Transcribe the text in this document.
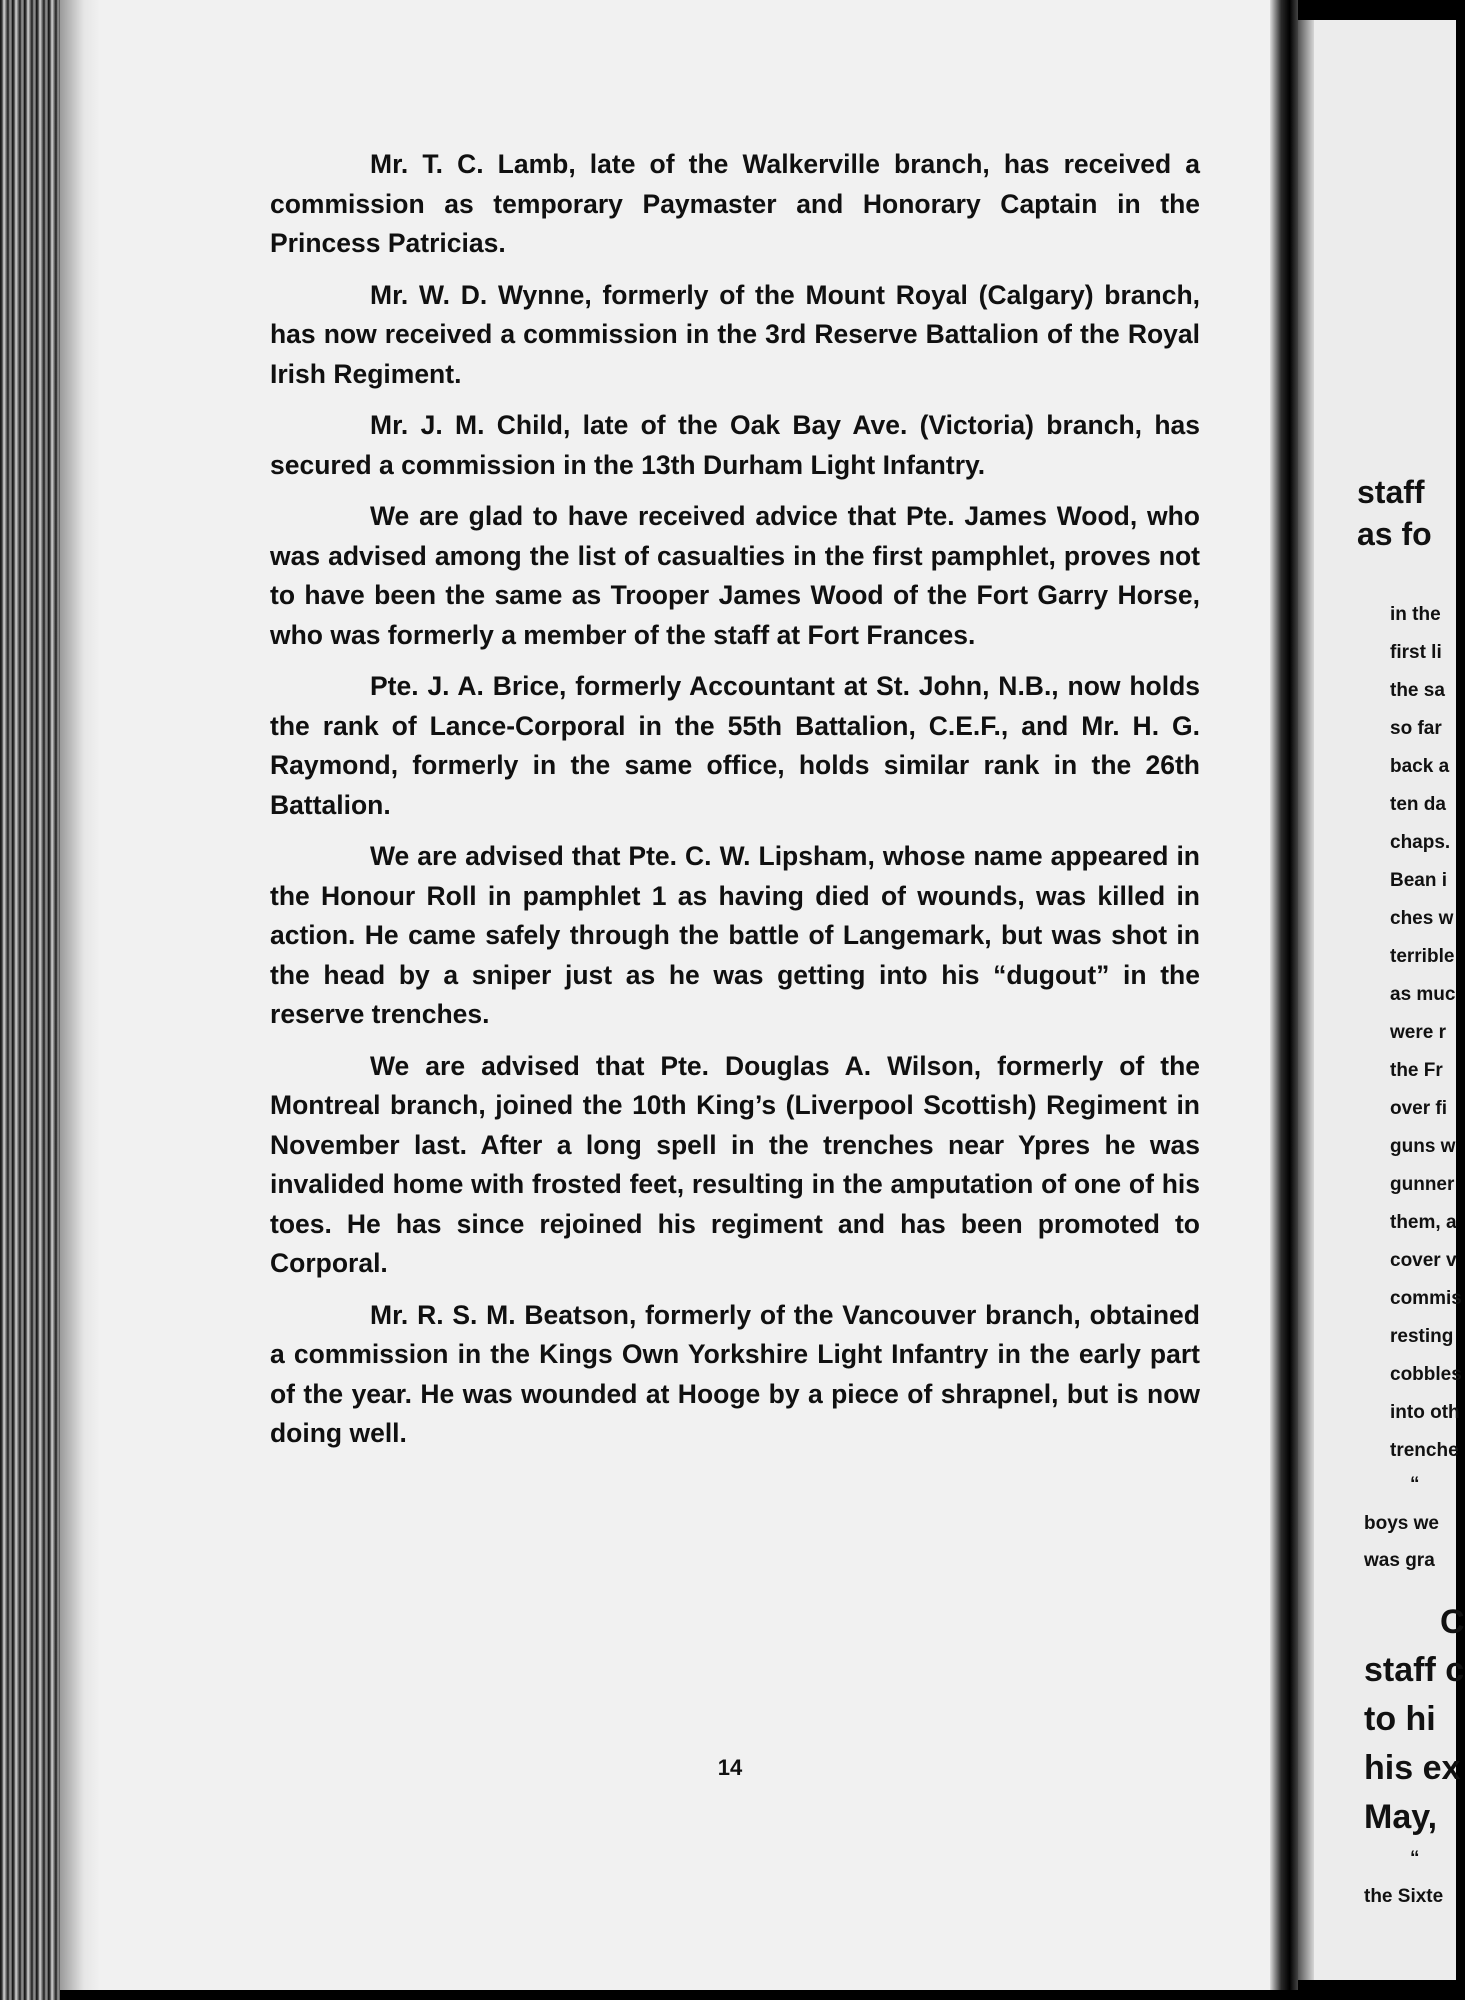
Mr. T. C. Lamb, late of the Walkerville branch, has received a commission as temporary Paymaster and Honorary Captain in the Princess Patricias.

Mr. W. D. Wynne, formerly of the Mount Royal (Calgary) branch, has now received a commission in the 3rd Reserve Battalion of the Royal Irish Regiment.

Mr. J. M. Child, late of the Oak Bay Ave. (Victoria) branch, has secured a commission in the 13th Durham Light Infantry.

We are glad to have received advice that Pte. James Wood, who was advised among the list of casualties in the first pamphlet, proves not to have been the same as Trooper James Wood of the Fort Garry Horse, who was formerly a member of the staff at Fort Frances.

Pte. J. A. Brice, formerly Accountant at St. John, N.B., now holds the rank of Lance-Corporal in the 55th Battalion, C.E.F., and Mr. H. G. Raymond, formerly in the same office, holds similar rank in the 26th Battalion.

We are advised that Pte. C. W. Lipsham, whose name appeared in the Honour Roll in pamphlet 1 as having died of wounds, was killed in action. He came safely through the battle of Langemark, but was shot in the head by a sniper just as he was getting into his “dugout” in the reserve trenches.

We are advised that Pte. Douglas A. Wilson, formerly of the Montreal branch, joined the 10th King’s (Liverpool Scottish) Regiment in November last. After a long spell in the trenches near Ypres he was invalided home with frosted feet, resulting in the amputation of one of his toes. He has since rejoined his regiment and has been promoted to Corporal.

Mr. R. S. M. Beatson, formerly of the Vancouver branch, obtained a commission in the Kings Own Yorkshire Light Infantry in the early part of the year. He was wounded at Hooge by a piece of shrapnel, but is now doing well.

14
staff
as fo
in the
first li
the sa
so far
back a
ten da
chaps.
Bean i
ches w
terrible
as muc
were r
the Fr
over fi
guns w
gunner
them, a
cover v
commis
resting
cobbles
into oth
trenche
“
boys we
was gra
C
staff c
to hi
his ex
May,
“
the Sixte
